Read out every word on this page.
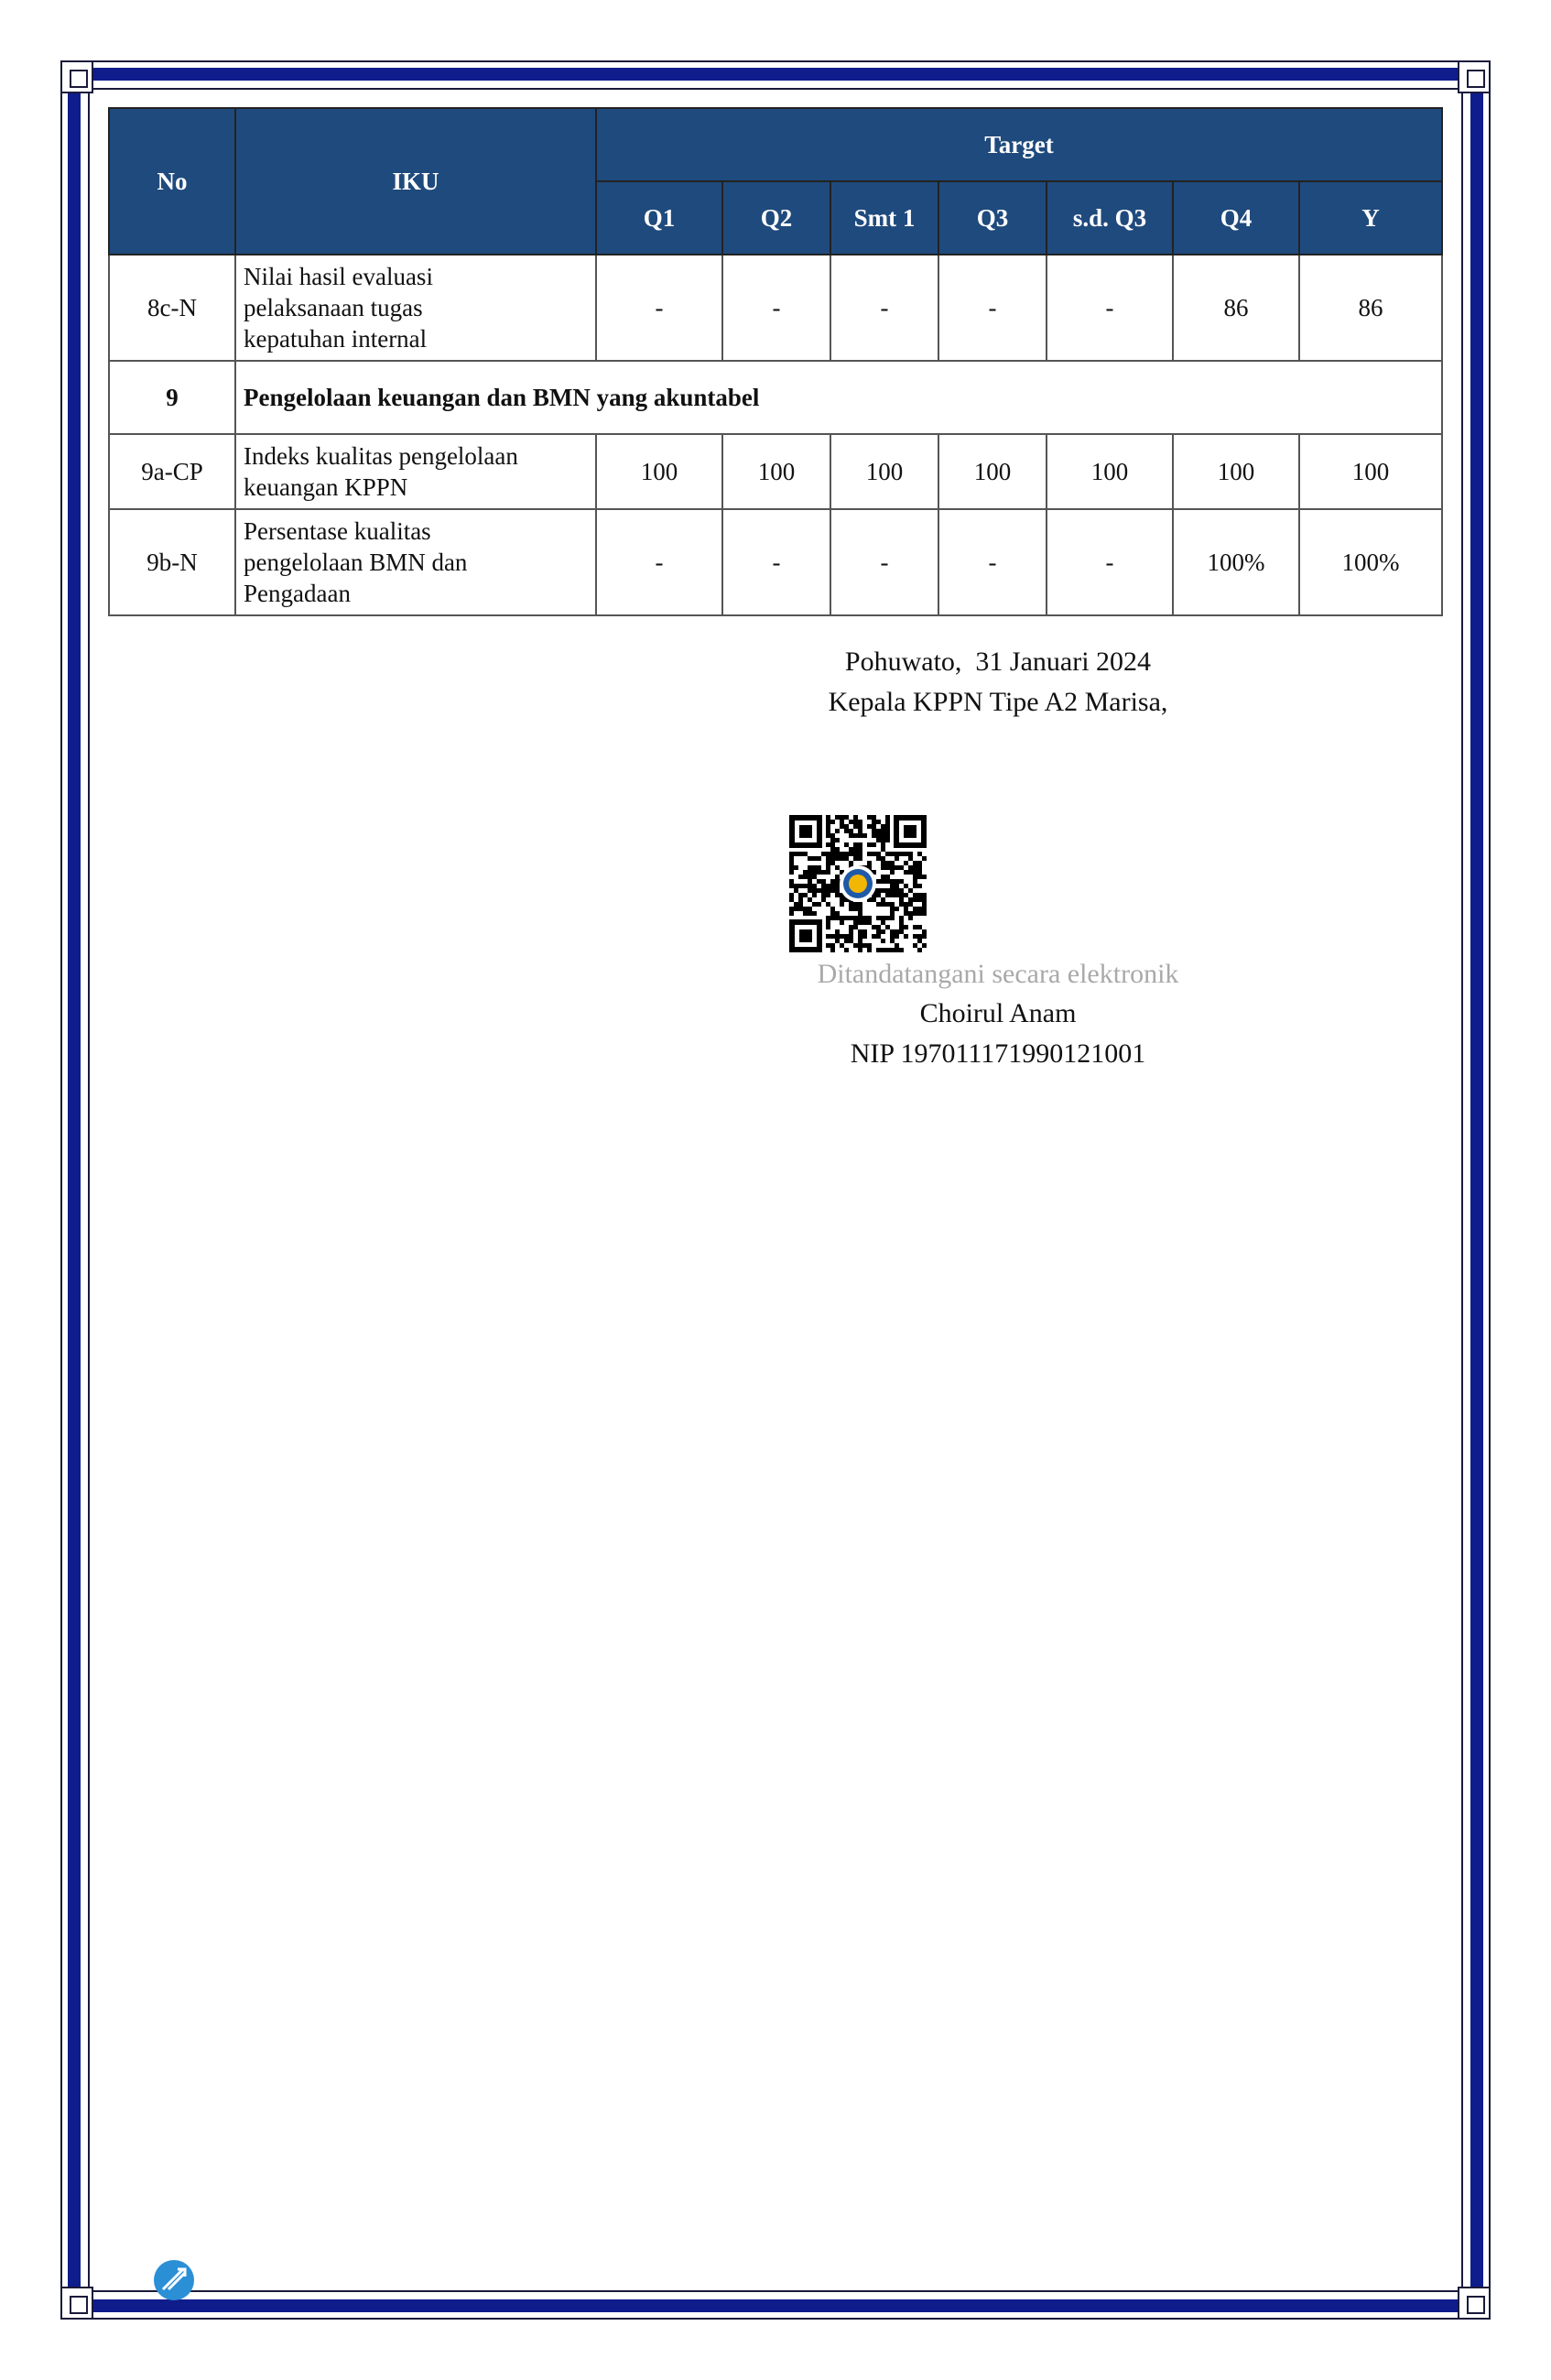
No	IKU	Target						
		Q1	Q2	Smt 1	Q3	s.d. Q3	Q4	Y
8c-N	Nilai hasil evaluasi
pelaksanaan tugas
kepatuhan internal	-	-	-	-	-	86	86
9	Pengelolaan keuangan dan BMN yang akuntabel							
9a-CP	Indeks kualitas pengelolaan
keuangan KPPN	100	100	100	100	100	100	100
9b-N	Persentase kualitas
pengelolaan BMN dan
Pengadaan	-	-	-	-	-	100%	100%
Pohuwato,  31 Januari 2024
Kepala KPPN Tipe A2 Marisa,
Ditandatangani secara elektronik
Choirul Anam
NIP 197011171990121001
